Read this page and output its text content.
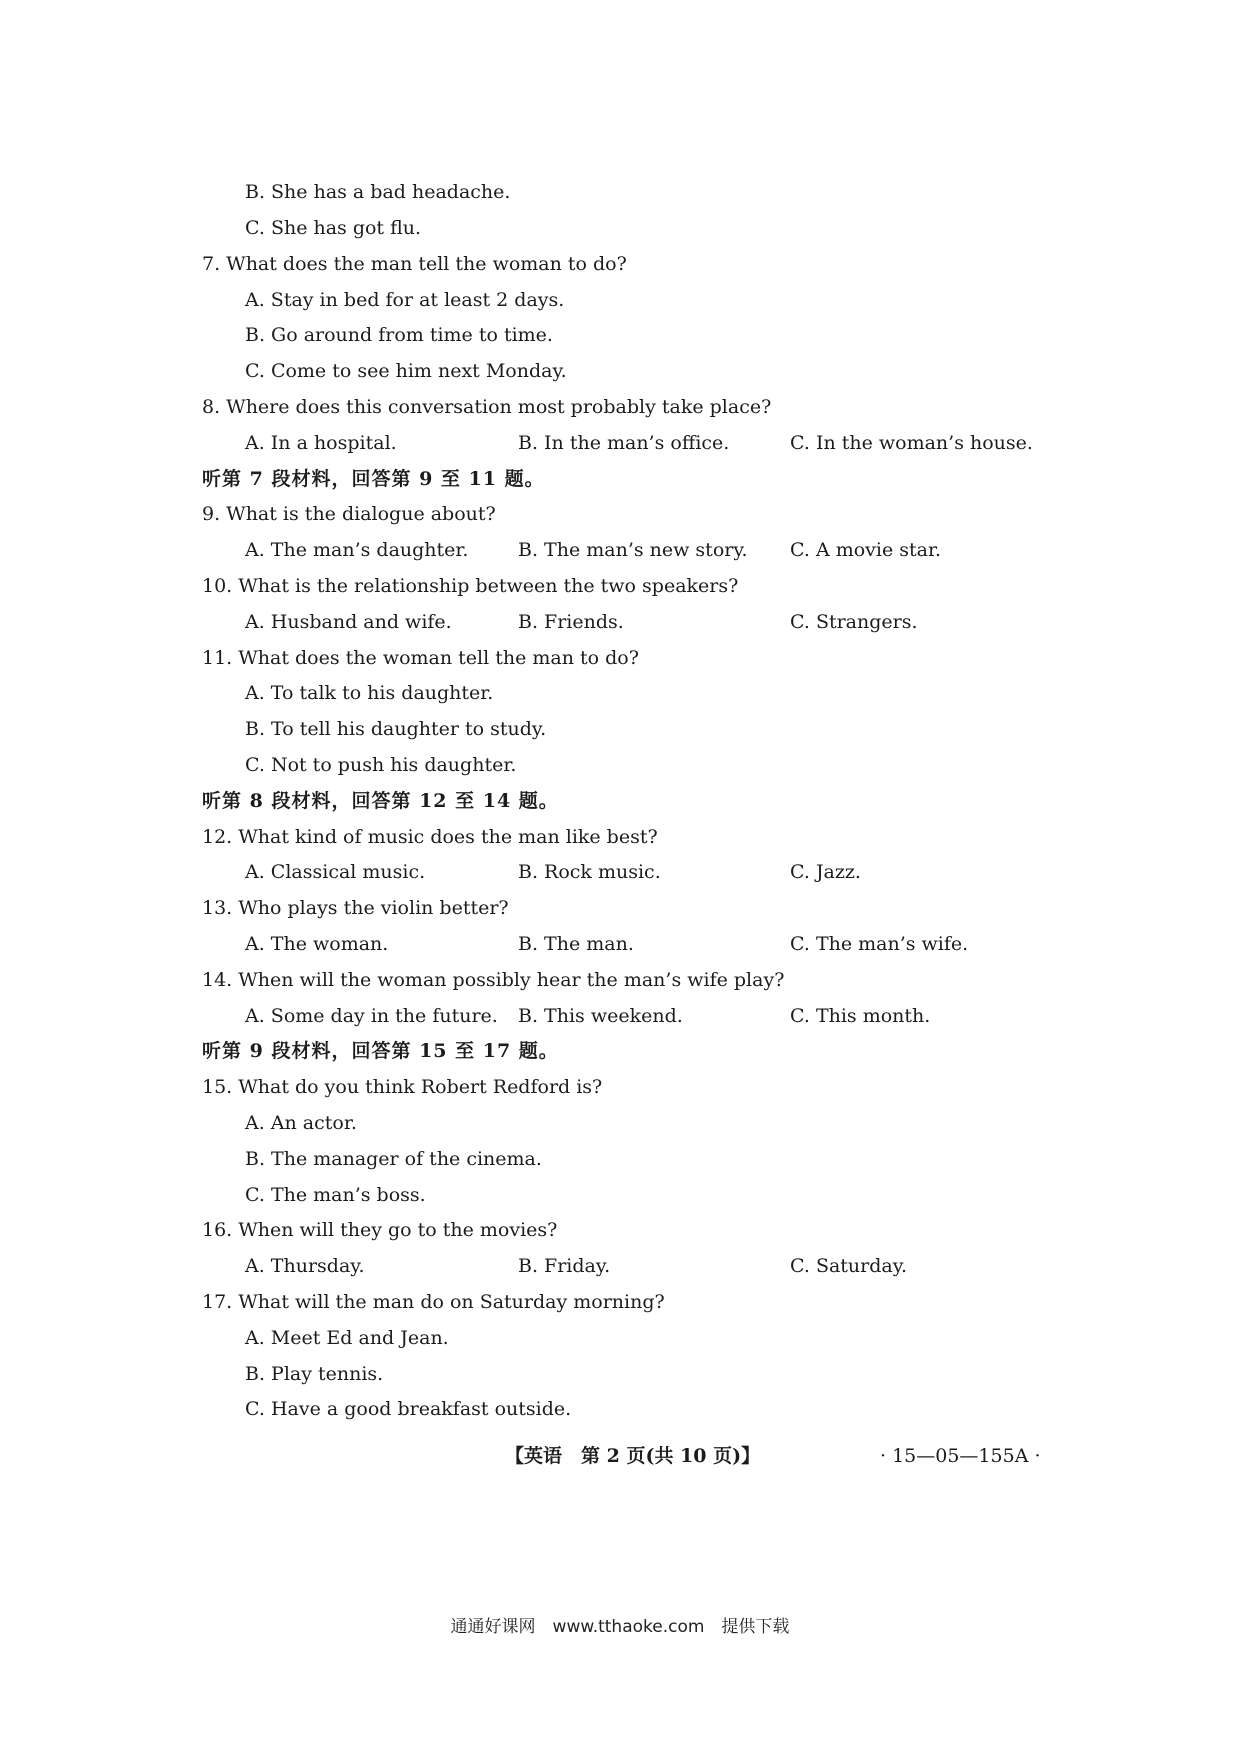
B. She has a bad headache.
C. She has got flu.
7. What does the man tell the woman to do?
A. Stay in bed for at least 2 days.
B. Go around from time to time.
C. Come to see him next Monday.
8. Where does this conversation most probably take place?
A. In a hospital.	B. In the man’s office.	C. In the woman’s house.
听第 7 段材料，回答第 9 至 11 题。
9. What is the dialogue about?
A. The man’s daughter.	B. The man’s new story. C. A movie star.
10. What is the relationship between the two speakers?
A. Husband and wife.	B. Friends.	C. Strangers.
11. What does the woman tell the man to do?
A. To talk to his daughter.
B. To tell his daughter to study.
C. Not to push his daughter.
听第 8 段材料，回答第 12 至 14 题。
12. What kind of music does the man like best?
A. Classical music.	B. Rock music.	C. Jazz.
13. Who plays the violin better?
A. The woman.	B. The man.	C. The man’s wife.
14. When will the woman possibly hear the man’s wife play?
A. Some day in the future. B. This weekend.	C. This month.
听第 9 段材料，回答第 15 至 17 题。
15. What do you think Robert Redford is?
A. An actor.
B. The manager of the cinema.
C. The man’s boss.
16. When will they go to the movies?
A. Thursday.	B. Friday.	C. Saturday.
17. What will the man do on Saturday morning?
A. Meet Ed and Jean.
B. Play tennis.
C. Have a good breakfast outside.
【英语　第 2 页(共 10 页)】	· 15—05—155A ·
通通好课网　www.tthaoke.com　提供下载
